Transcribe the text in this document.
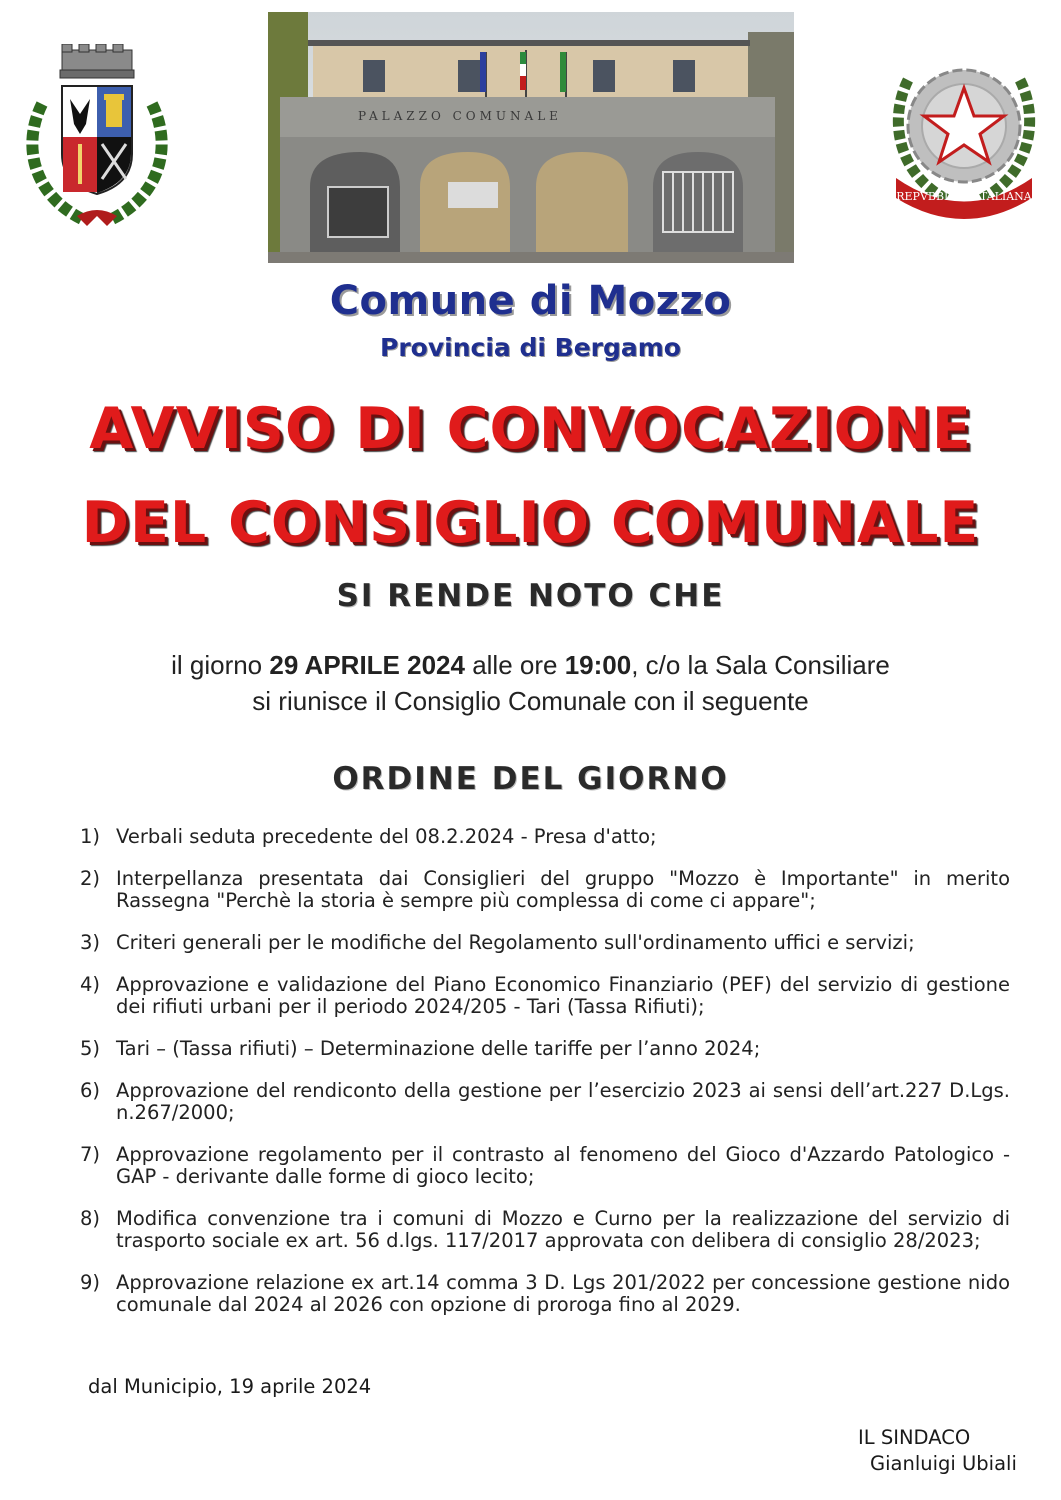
PALAZZO COMUNALE
REPVBBLICA ITALIANA
Comune di Mozzo
Provincia di Bergamo
AVVISO DI CONVOCAZIONE
DEL CONSIGLIO COMUNALE
SI RENDE NOTO CHE
il giorno 29 APRILE 2024 alle ore 19:00, c/o la Sala Consiliare
si riunisce il Consiglio Comunale con il seguente
ORDINE DEL GIORNO
1) Verbali seduta precedente del 08.2.2024 - Presa d'atto;
2) Interpellanza presentata dai Consiglieri del gruppo "Mozzo è Importante" in merito Rassegna "Perchè la storia è sempre più complessa di come ci appare";
3) Criteri generali per le modifiche del Regolamento sull'ordinamento uffici e servizi;
4) Approvazione e validazione del Piano Economico Finanziario (PEF) del servizio di gestione dei rifiuti urbani per il periodo 2024/205 - Tari (Tassa Rifiuti);
5) Tari – (Tassa rifiuti) – Determinazione delle tariffe per l’anno 2024;
6) Approvazione del rendiconto della gestione per l’esercizio 2023 ai sensi dell’art.227 D.Lgs. n.267/2000;
7) Approvazione regolamento per il contrasto al fenomeno del Gioco d'Azzardo Patologico - GAP - derivante dalle forme di gioco lecito;
8) Modifica convenzione tra i comuni di Mozzo e Curno per la realizzazione del servizio di trasporto sociale ex art. 56 d.lgs. 117/2017 approvata con delibera di consiglio 28/2023;
9) Approvazione relazione ex art.14 comma 3 D. Lgs 201/2022 per concessione gestione nido comunale dal 2024 al 2026 con opzione di proroga fino al 2029.
dal Municipio, 19 aprile 2024
IL SINDACO
Gianluigi Ubiali
